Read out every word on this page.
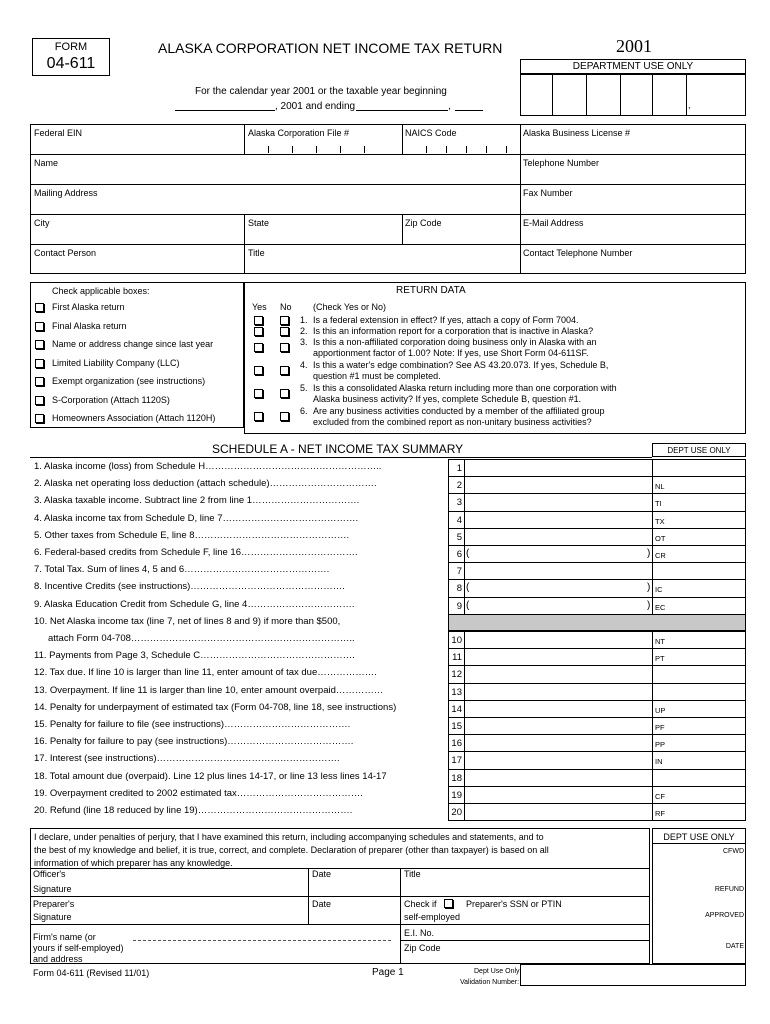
FORM
04-611
ALASKA CORPORATION NET INCOME TAX RETURN	2001
DEPARTMENT USE ONLY
,
For the calendar year 2001 or the taxable year beginning
, 2001 and ending	,
Federal EIN	Alaska Corporation File #	NAICS Code	Alaska Business License #
Name	Telephone Number
Mailing Address	Fax Number
City	State	Zip Code	E-Mail Address
Contact Person	Title	Contact Telephone Number
Check applicable boxes:	RETURN DATA
First Alaska return
Final Alaska return
Name or address change since last year
Limited Liability Company (LLC)
Exempt organization (see instructions)
S-Corporation (Attach 1120S)
Homeowners Association (Attach 1120H)
Yes No (Check Yes or No)
1. Is a federal extension in effect? If yes, attach a copy of Form 7004.
2. Is this an information report for a corporation that is inactive in Alaska?
3. Is this a non-affiliated corporation doing business only in Alaska with an
apportionment factor of 1.00? Note: If yes, use Short Form 04-611SF.
4. Is this a water's edge combination? See AS 43.20.073. If yes, Schedule B,
question #1 must be completed.
5. Is this a consolidated Alaska return including more than one corporation with
Alaska business activity? If yes, complete Schedule B, question #1.
6. Are any business activities conducted by a member of the affiliated group
excluded from the combined report as non-unitary business activities?
SCHEDULE A - NET INCOME TAX SUMMARY	DEPT USE ONLY
1. Alaska income (loss) from Schedule H………………………………………………..	1
2. Alaska net operating loss deduction (attach schedule)…………………………….	2	NL
3. Alaska taxable income. Subtract line 2 from line 1…………………………….	3	TI
4. Alaska income tax from Schedule D, line 7…………………………………….	4	TX
5. Other taxes from Schedule E, line 8………………………………………….	5	OT
6. Federal-based credits from Schedule F, line 16……………………………….	6 (	) CR
7. Total Tax. Sum of lines 4, 5 and 6……………………………………….	7
8. Incentive Credits (see instructions)………………………………………….	8 (	) IC
9. Alaska Education Credit from Schedule G, line 4…………………………….	9 (	) EC
10. Net Alaska income tax (line 7, net of lines 8 and 9) if more than $500,
attach Form 04-708……………………………………………………………..	10	NT
11. Payments from Page 3, Schedule C………………………………………….	11	PT
12. Tax due. If line 10 is larger than line 11, enter amount of tax due……………….	12
13. Overpayment. If line 11 is larger than line 10, enter amount overpaid……………	13
14. Penalty for underpayment of estimated tax (Form 04-708, line 18, see instructions)	14	UP
15. Penalty for failure to file (see instructions)………………………………….	15	PF
16. Penalty for failure to pay (see instructions)………………………………….	16	PP
17. Interest (see instructions)………………………………………………….	17	IN
18. Total amount due (overpaid). Line 12 plus lines 14-17, or line 13 less lines 14-17	18
19. Overpayment credited to 2002 estimated tax………………………………….	19	CF
20. Refund (line 18 reduced by line 19)………………………………………….	20	RF
I declare, under penalties of perjury, that I have examined this return, including accompanying schedules and statements, and to
the best of my knowledge and belief, it is true, correct, and complete. Declaration of preparer (other than taxpayer) is based on all
information of which preparer has any knowledge.
Officer's
Signature
Date	Title
Preparer's
Signature
Date	Check if
self-employed
Preparer's SSN or PTIN
Firm's name (or
yours if self-employed)
and address
E.I. No.
Zip Code
DEPT USE ONLY
CFWD
REFUND
APPROVED
DATE
Form 04-611 (Revised 11/01)	Page 1	Dept Use Only
Validation Number:
